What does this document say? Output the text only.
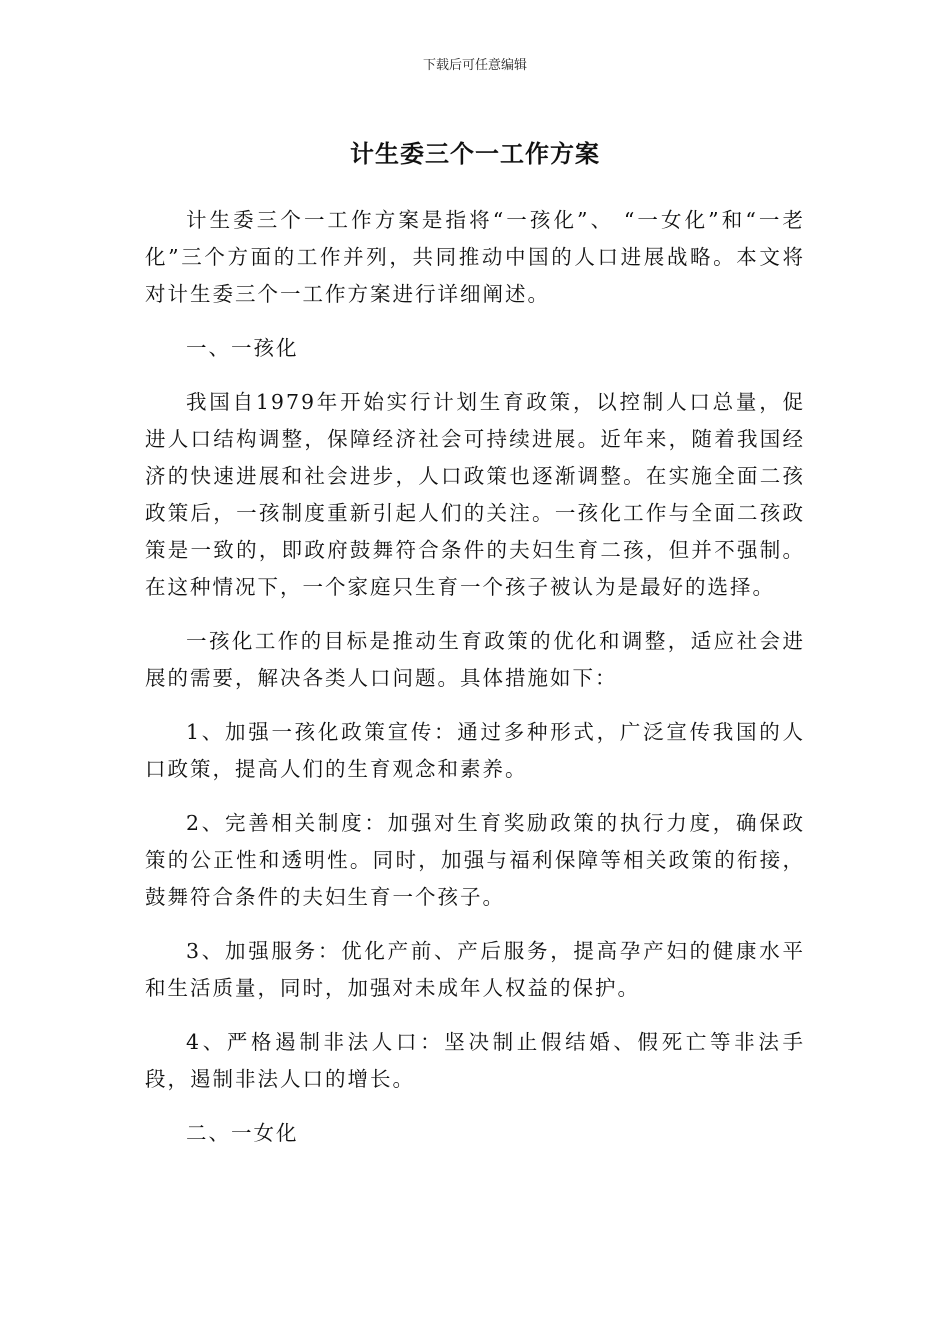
下载后可任意编辑
计生委三个一工作方案

计生委三个一工作方案是指将“一孩化”、 “一女化”和“一老化”三个方面的工作并列，共同推动中国的人口进展战略。本文将对计生委三个一工作方案进行详细阐述。

一、一孩化

我国自1979年开始实行计划生育政策，以控制人口总量，促进人口结构调整，保障经济社会可持续进展。近年来，随着我国经济的快速进展和社会进步，人口政策也逐渐调整。在实施全面二孩政策后，一孩制度重新引起人们的关注。一孩化工作与全面二孩政策是一致的，即政府鼓舞符合条件的夫妇生育二孩，但并不强制。在这种情况下，一个家庭只生育一个孩子被认为是最好的选择。

一孩化工作的目标是推动生育政策的优化和调整，适应社会进展的需要，解决各类人口问题。具体措施如下：

1、加强一孩化政策宣传：通过多种形式，广泛宣传我国的人口政策，提高人们的生育观念和素养。

2、完善相关制度：加强对生育奖励政策的执行力度，确保政策的公正性和透明性。同时，加强与福利保障等相关政策的衔接，鼓舞符合条件的夫妇生育一个孩子。

3、加强服务：优化产前、产后服务，提高孕产妇的健康水平和生活质量，同时，加强对未成年人权益的保护。

4、严格遏制非法人口：坚决制止假结婚、假死亡等非法手段，遏制非法人口的增长。

二、一女化
